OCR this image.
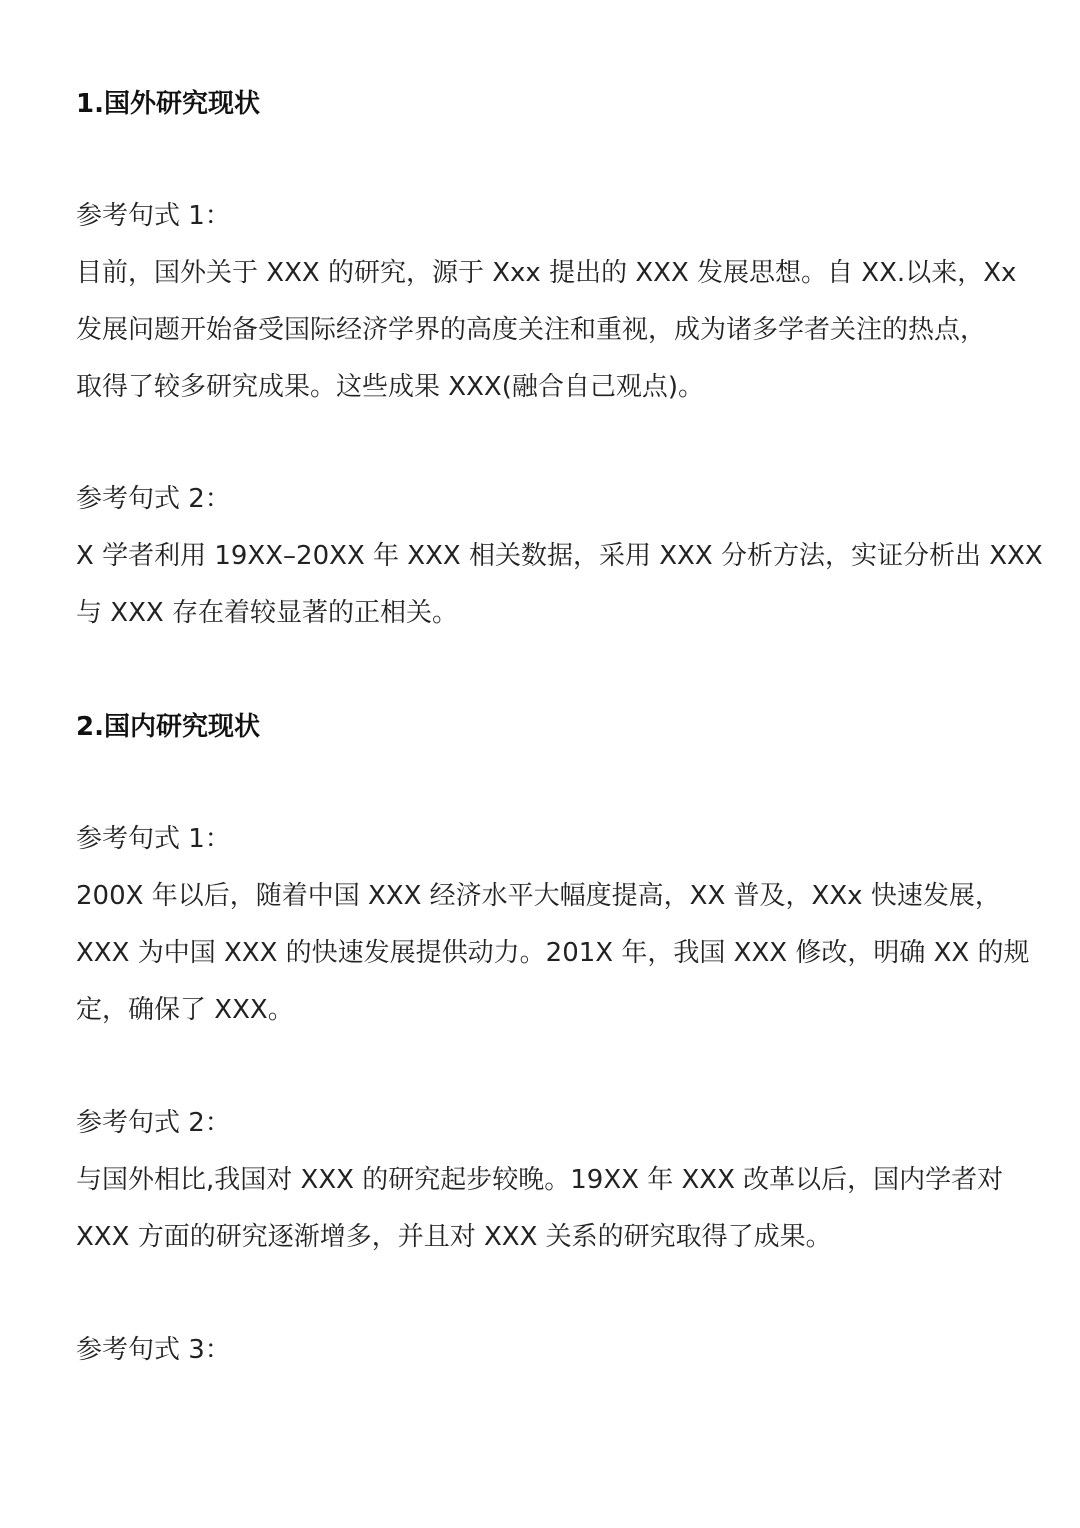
1.国外研究现状

参考句式 1：

目前，国外关于 XXX 的研究，源于 Xxx 提出的 XXX 发展思想。自 XX.以来，Xx
发展问题开始备受国际经济学界的高度关注和重视，成为诸多学者关注的热点，
取得了较多研究成果。这些成果 XXX(融合自己观点)。

参考句式 2：

X 学者利用 19XX–20XX 年 XXX 相关数据，采用 XXX 分析方法，实证分析出 XXX
与 XXX 存在着较显著的正相关。

2.国内研究现状

参考句式 1：

200X 年以后，随着中国 XXX 经济水平大幅度提高，XX 普及，XXx 快速发展，
XXX 为中国 XXX 的快速发展提供动力。201X 年，我国 XXX 修改，明确 XX 的规
定，确保了 XXX。

参考句式 2：

与国外相比,我国对 XXX 的研究起步较晚。19XX 年 XXX 改革以后，国内学者对
XXX 方面的研究逐渐增多，并且对 XXX 关系的研究取得了成果。

参考句式 3：
